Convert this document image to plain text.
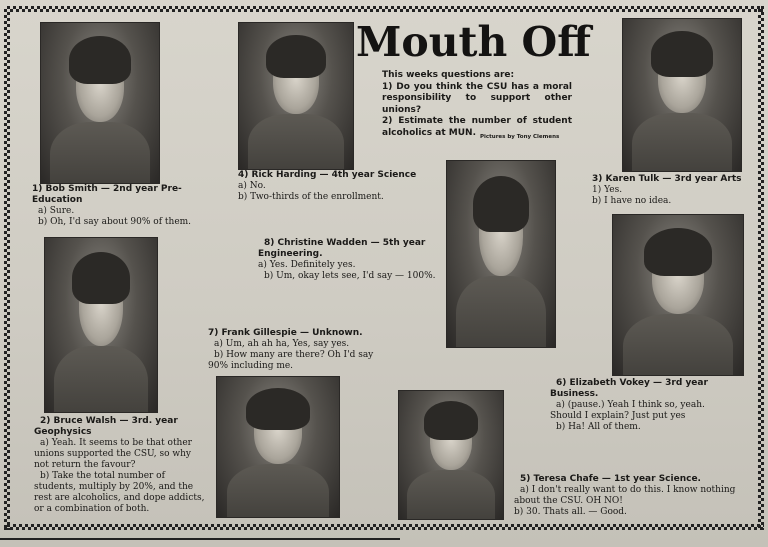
Mouth Off
This weeks questions are:
1) Do you think the CSU has a moral responsibility to support other unions?
2) Estimate the number of student alcoholics at MUN. Pictures by Tony Clemens
1) Bob Smith — 2nd year Pre-Education
a) Sure.
b) Oh, I'd say about 90% of them.
4) Rick Harding — 4th year Science
a) No.
b) Two-thirds of the enrollment.
3) Karen Tulk — 3rd year Arts
1) Yes.
b) I have no idea.
8) Christine Wadden — 5th year Engineering.
a) Yes. Definitely yes.
b) Um, okay lets see, I'd say — 100%.
7) Frank Gillespie — Unknown.
a) Um, ah ah ha, Yes, say yes.
b) How many are there? Oh I'd say 90% including me.
2) Bruce Walsh — 3rd. year Geophysics
a) Yeah. It seems to be that other unions supported the CSU, so why not return the favour?
b) Take the total number of students, multiply by 20%, and the rest are alcoholics, and dope addicts, or a combination of both.
6) Elizabeth Vokey — 3rd year Business.
a) (pause.) Yeah I think so, yeah. Should I explain? Just put yes
b) Ha! All of them.
5) Teresa Chafe — 1st year Science.
a) I don't really want to do this. I know nothing about the CSU. OH NO!
b) 30. Thats all. — Good.
